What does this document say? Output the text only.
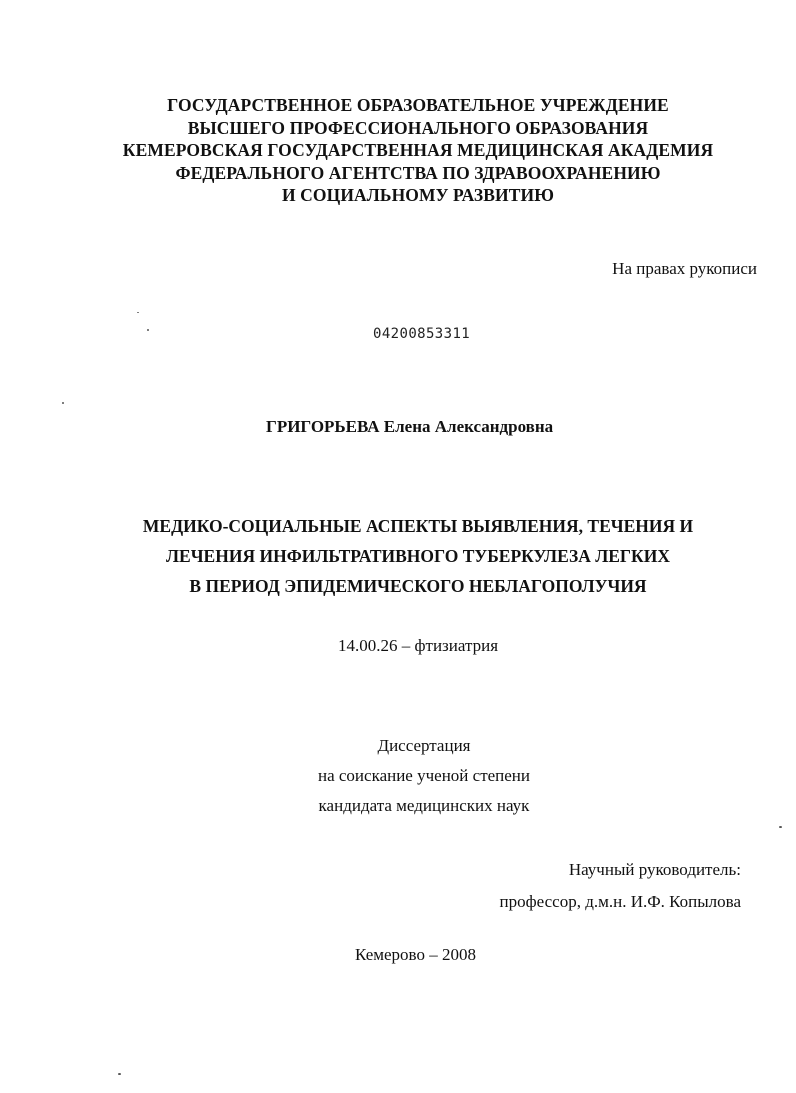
ГОСУДАРСТВЕННОЕ ОБРАЗОВАТЕЛЬНОЕ УЧРЕЖДЕНИЕ
ВЫСШЕГО ПРОФЕССИОНАЛЬНОГО ОБРАЗОВАНИЯ
КЕМЕРОВСКАЯ ГОСУДАРСТВЕННАЯ МЕДИЦИНСКАЯ АКАДЕМИЯ
ФЕДЕРАЛЬНОГО АГЕНТСТВА ПО ЗДРАВООХРАНЕНИЮ
И СОЦИАЛЬНОМУ РАЗВИТИЮ
На правах рукописи
04200853311
ГРИГОРЬЕВА Елена Александровна
МЕДИКО-СОЦИАЛЬНЫЕ АСПЕКТЫ ВЫЯВЛЕНИЯ, ТЕЧЕНИЯ И
ЛЕЧЕНИЯ ИНФИЛЬТРАТИВНОГО ТУБЕРКУЛЕЗА ЛЕГКИХ
В ПЕРИОД ЭПИДЕМИЧЕСКОГО НЕБЛАГОПОЛУЧИЯ
14.00.26 – фтизиатрия
Диссертация
на соискание ученой степени
кандидата медицинских наук
Научный руководитель:
профессор, д.м.н. И.Ф. Копылова
Кемерово – 2008
